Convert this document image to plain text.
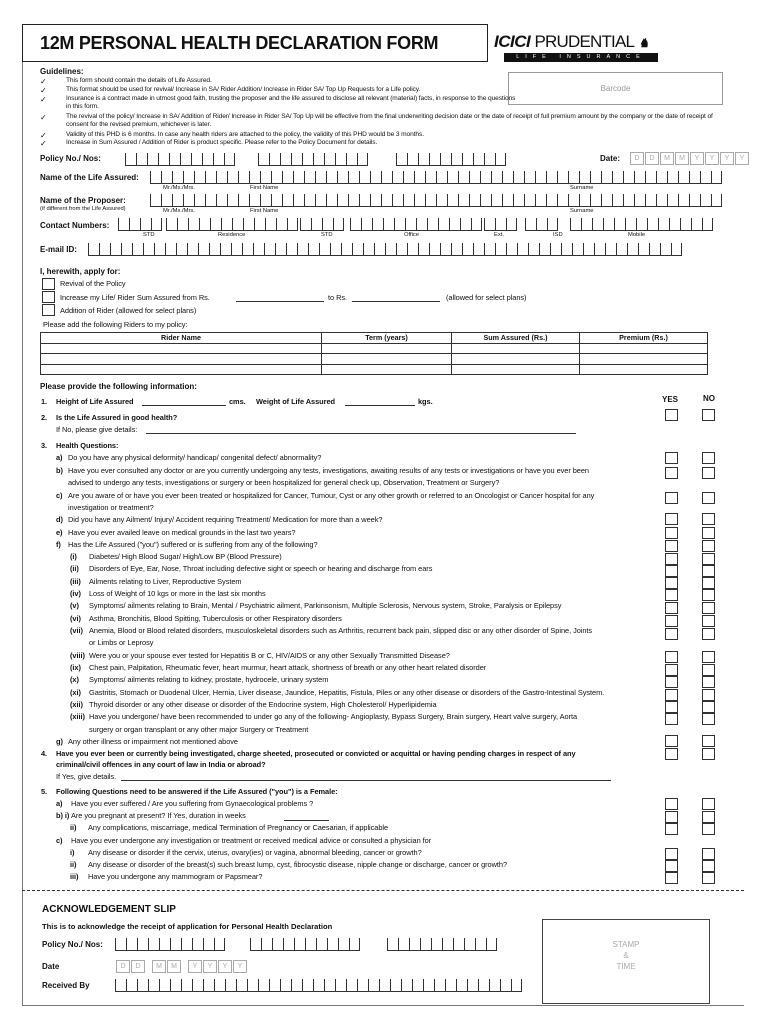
12M PERSONAL HEALTH DECLARATION FORM	ICICI PRUDENTIAL ♞
LIFE INSURANCE
Barcode
Guidelines:
✓	This form should contain the details of Life Assured.
✓	This format should be used for revival/ Increase in SA/ Rider Addition/ Increase in Rider SA/ Top Up Requests for a Life policy.
✓	Insurance is a contract made in utmost good faith, trusting the proposer and the life assured to disclose all relevant (material) facts, in response to the questions in this form.
✓	The revival of the policy/ Increase in SA/ Addition of Rider/ Increase in Rider SA/ Top Up will be effective from the final underwriting decision date or the date of receipt of full premium amount by the company or the date of receipt of consent for the revised premium, whichever is later.
✓	Validity of this PHD is 6 months. In case any health riders are attached to the policy, the validity of this PHD would be 3 months.
✓	Increase in Sum Assured / Addition of Rider is product specific. Please refer to the Policy Document for details.
Policy No./ Nos:	Date:	D	D	M	M	Y	Y	Y	Y
Name of the Life Assured:
Mr./Ms./Mrs.	First Name	Surname
Name of the Proposer:
(if different from the Life Assured)	Mr./Ms./Mrs.	First Name	Surname
Contact Numbers:
STD	Residence	STD	Office	Ext.	ISD	Mobile
E-mail ID:
I, herewith, apply for:
Revival of the Policy
Increase my Life/ Rider Sum Assured from Rs.	to Rs.	(allowed for select plans)
Addition of Rider (allowed for select plans)
Please add the following Riders to my policy:
Rider Name	Term (years)	Sum Assured (Rs.)	Premium (Rs.)

Please provide the following information:
YES	NO
1. Height of Life Assured	cms. Weight of Life Assured	kgs.
2. Is the Life Assured in good health?
If No, please give details:
3. Health Questions:
a) Do you have any physical deformity/ handicap/ congenital defect/ abnormality?
b) Have you ever consulted any doctor or are you currently undergoing any tests, investigations, awaiting results of any tests or investigations or have you ever been
advised to undergo any tests, investigations or surgery or been hospitalized for general check up, Observation, Treatment or Surgery?
c) Are you aware of or have you ever been treated or hospitalized for Cancer, Tumour, Cyst or any other growth or referred to an Oncologist or Cancer hospital for any
investigation or treatment?
d) Did you have any Ailment/ Injury/ Accident requiring Treatment/ Medication for more than a week?
e) Have you ever availed leave on medical grounds in the last two years?
f) Has the Life Assured ("you") suffered or is suffering from any of the following?
(i) Diabetes/ High Blood Sugar/ High/Low BP (Blood Pressure)
(ii) Disorders of Eye, Ear, Nose, Throat including defective sight or speech or hearing and discharge from ears
(iii) Ailments relating to Liver, Reproductive System
(iv) Loss of Weight of 10 kgs or more in the last six months
(v) Symptoms/ ailments relating to Brain, Mental / Psychiatric ailment, Parkinsonism, Multiple Sclerosis, Nervous system, Stroke, Paralysis or Epilepsy
(vi) Asthma, Bronchitis, Blood Spitting, Tuberculosis or other Respiratory disorders
(vii) Anemia, Blood or Blood related disorders, musculoskeletal disorders such as Arthritis, recurrent back pain, slipped disc or any other disorder of Spine, Joints
or Limbs or Leprosy
(viii) Were you or your spouse ever tested for Hepatitis B or C, HIV/AIDS or any other Sexually Transmitted Disease?
(ix) Chest pain, Palpitation, Rheumatic fever, heart murmur, heart attack, shortness of breath or any other heart related disorder
(x) Symptoms/ ailments relating to kidney, prostate, hydrocele, urinary system
(xi) Gastritis, Stomach or Duodenal Ulcer, Hernia, Liver disease, Jaundice, Hepatitis, Fistula, Piles or any other disease or disorders of the Gastro-Intestinal System.
(xii) Thyroid disorder or any other disease or disorder of the Endocrine system, High Cholesterol/ Hyperlipidemia
(xiii) Have you undergone/ have been recommended to under go any of the following- Angioplasty, Bypass Surgery, Brain surgery, Heart valve surgery, Aorta
surgery or organ transplant or any other major Surgery or Treatment
g) Any other illness or impairment not mentioned above
4. Have you ever been or currently being investigated, charge sheeted, prosecuted or convicted or acquittal or having pending charges in respect of any
criminal/civil offences in any court of law in India or abroad?
If Yes, give details.
5. Following Questions need to be answered if the Life Assured ("you") is a Female:
a) Have you ever suffered / Are you suffering from Gynaecological problems ?
b) i) Are you pregnant at present? If Yes, duration in weeks
ii) Any complications, miscarriage, medical Termination of Pregnancy or Caesarian, if applicable
c) Have you ever undergone any investigation or treatment or received medical advice or consulted a physician for
i) Any disease or disorder if the cervix, uterus, ovary(ies) or vagina, abnormal bleeding, cancer or growth?
ii) Any disease or disorder of the breast(s) such breast lump, cyst, fibrocystic disease, nipple change or discharge, cancer or growth?
iii) Have you undergone any mammogram or Papsmear?
ACKNOWLEDGEMENT SLIP
This is to acknowledge the receipt of application for Personal Health Declaration
Policy No./ Nos:
Date	D	D	M	M	Y	Y	Y	Y
Received By
STAMP
&
TIME
